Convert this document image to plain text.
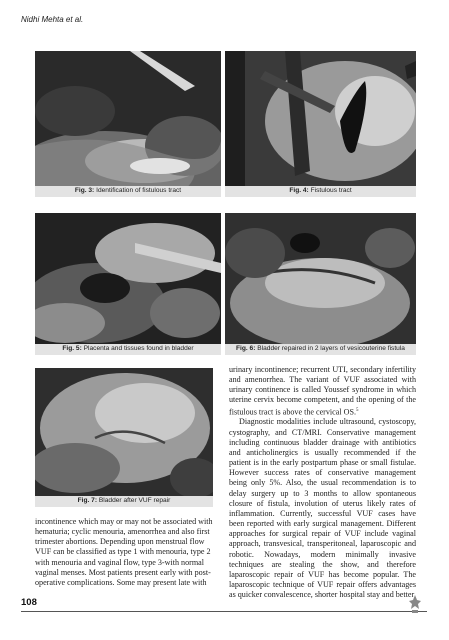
Nidhi Mehta et al.
Fig. 3: Identification of fistulous tract	Fig. 4: Fistulous tract
Fig. 5: Placenta and tissues found in bladder	Fig. 6: Bladder repaired in 2 layers of vesicouterine fistula
Fig. 7: Bladder after VUF repair
incontinence which may or may not be associated with
hematuria; cyclic menouria, amenorrhea and also first
trimester abortions. Depending upon menstrual flow
VUF can be classified as type 1 with menouria, type 2
with menouria and vaginal flow, type 3-with normal
vaginal menses. Most patients present early with post-
operative complications. Some may present late with

urinary incontinence; recurrent UTI, secondary infertility and amenorrhea. The variant of VUF associated with urinary continence is called Youssef syndrome in which uterine cervix become competent, and the opening of the fistulous tract is above the cervical OS.$^5$

Diagnostic modalities include ultrasound, cystoscopy, cystography, and CT/MRI. Conservative management including continuous bladder drainage with antibiotics and anticholinergics is usually recommended if the patient is in the early postpartum phase or small fistulae. However success rates of conservative management being only 5%. Also, the usual recommendation is to delay surgery up to 3 months to allow spontaneous closure of fistula, involution of uterus likely rates of inflammation. Currently, successful VUF cases have been reported with early surgical management. Different approaches for surgical repair of VUF include vaginal approach, transvesical, transperitoneal, laparoscopic and robotic. Nowadays, modern minimally invasive techniques are stealing the show, and therefore laparoscopic repair of VUF has become popular. The laparoscopic technique of VUF repair offers advantages as quicker convalescence, shorter hospital stay and better

108
